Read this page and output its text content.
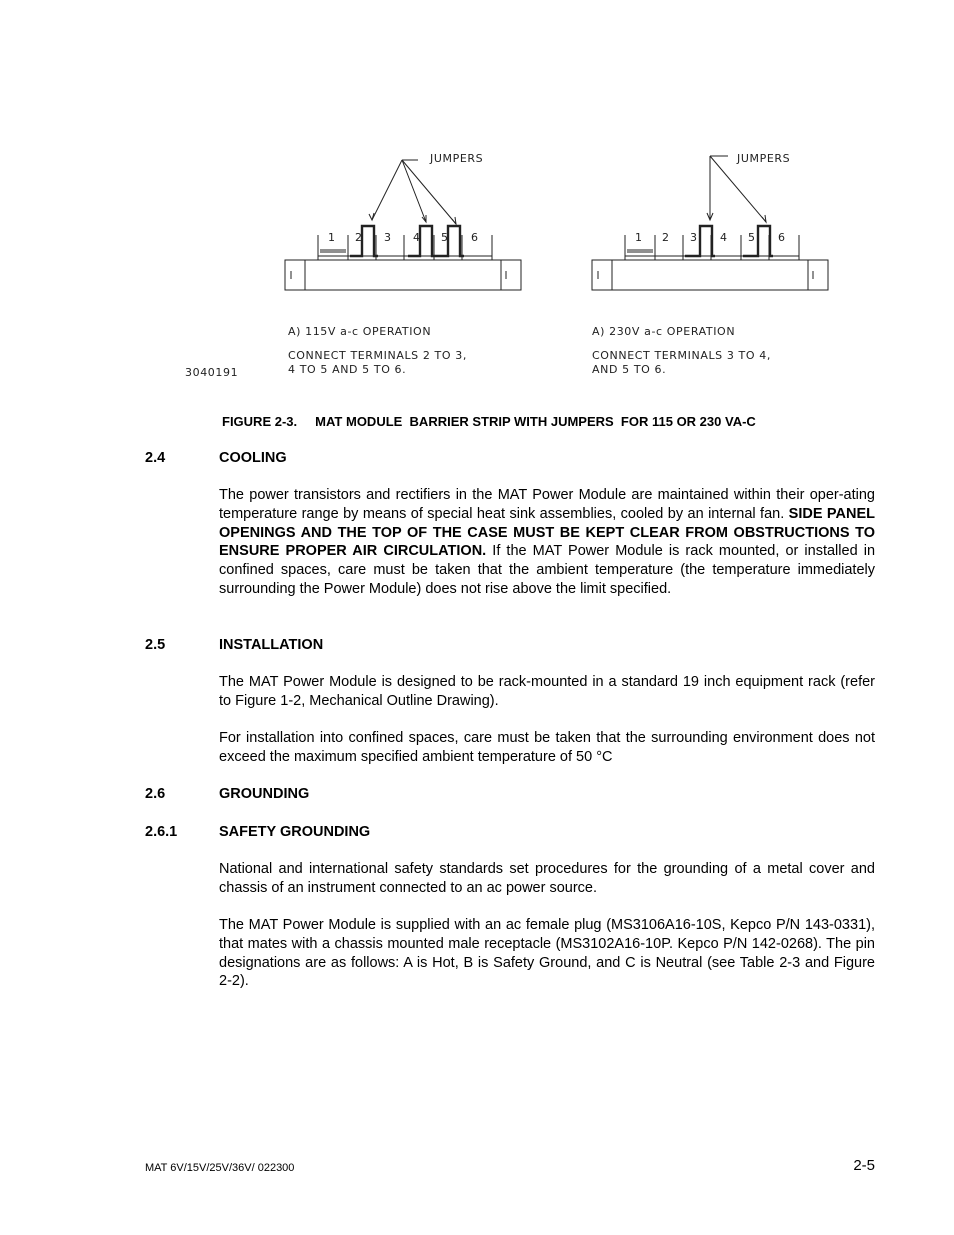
JUMPERS
1 2 3 4 5 6
A) 115V a-c OPERATION
CONNECT TERMINALS 2 TO 3,
4 TO 5 AND 5 TO 6.
3040191
JUMPERS
1 2 3 4 5 6
A) 230V a-c OPERATION
CONNECT TERMINALS 3 TO 4,
AND 5 TO 6.
FIGURE 2-3.     MAT MODULE  BARRIER STRIP WITH JUMPERS  FOR 115 OR 230 VA-C
2.4	COOLING
The power transistors and rectifiers in the MAT Power Module are maintained within their oper-ating temperature range by means of special heat sink assemblies, cooled by an internal fan. SIDE PANEL OPENINGS AND THE TOP OF THE CASE MUST BE KEPT CLEAR FROM OBSTRUCTIONS TO ENSURE PROPER AIR CIRCULATION. If the MAT Power Module is rack mounted, or installed in confined spaces, care must be taken that the ambient temperature (the temperature immediately surrounding the Power Module) does not rise above the limit specified.
2.5	INSTALLATION
The MAT Power Module is designed to be rack-mounted in a standard 19 inch equipment rack (refer to Figure 1-2, Mechanical Outline Drawing).
For installation into confined spaces, care must be taken that the surrounding environment does not exceed the maximum specified ambient temperature of 50 °C
2.6	GROUNDING
2.6.1	SAFETY GROUNDING
National and international safety standards set procedures for the grounding of a metal cover and chassis of an instrument connected to an ac power source.
The MAT Power Module is supplied with an ac female plug (MS3106A16-10S, Kepco P/N 143-0331), that mates with a chassis mounted male receptacle (MS3102A16-10P. Kepco P/N 142-0268). The pin designations are as follows: A is Hot, B is Safety Ground, and C is Neutral (see Table 2-3 and Figure 2-2).
MAT 6V/15V/25V/36V/ 022300	2-5
